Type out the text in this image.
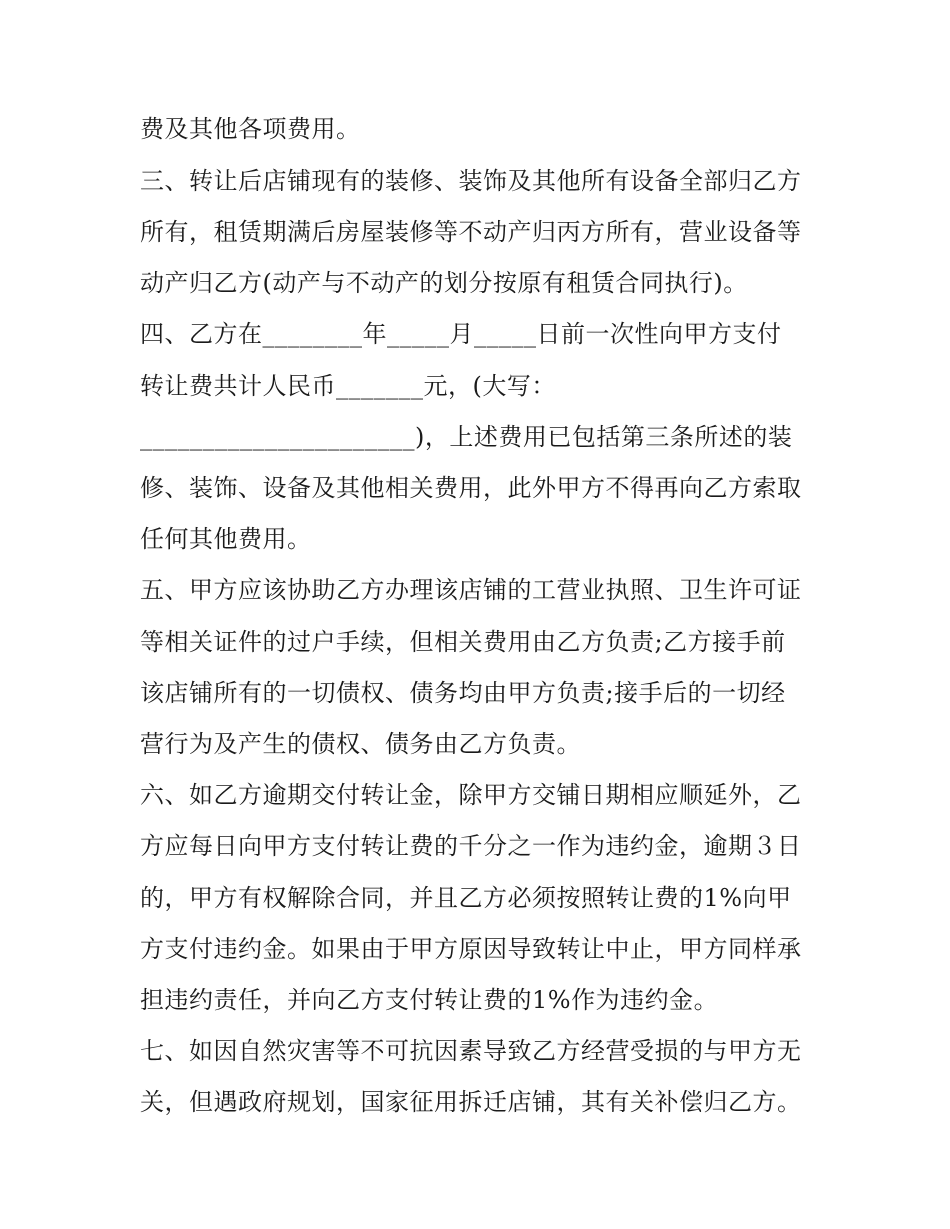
费及其他各项费用。

三、转让后店铺现有的装修、装饰及其他所有设备全部归乙方

所有，租赁期满后房屋装修等不动产归丙方所有，营业设备等

动产归乙方(动产与不动产的划分按原有租赁合同执行)。

四、乙方在________年_____月_____日前一次性向甲方支付

转让费共计人民币_______元，(大写：

______________________)，上述费用已包括第三条所述的装

修、装饰、设备及其他相关费用，此外甲方不得再向乙方索取

任何其他费用。

五、甲方应该协助乙方办理该店铺的工营业执照、卫生许可证

等相关证件的过户手续，但相关费用由乙方负责;乙方接手前

该店铺所有的一切债权、债务均由甲方负责;接手后的一切经

营行为及产生的债权、债务由乙方负责。

六、如乙方逾期交付转让金，除甲方交铺日期相应顺延外，乙

方应每日向甲方支付转让费的千分之一作为违约金，逾期３日

的，甲方有权解除合同，并且乙方必须按照转让费的1%向甲

方支付违约金。如果由于甲方原因导致转让中止，甲方同样承

担违约责任，并向乙方支付转让费的1%作为违约金。

七、如因自然灾害等不可抗因素导致乙方经营受损的与甲方无

关，但遇政府规划，国家征用拆迁店铺，其有关补偿归乙方。
